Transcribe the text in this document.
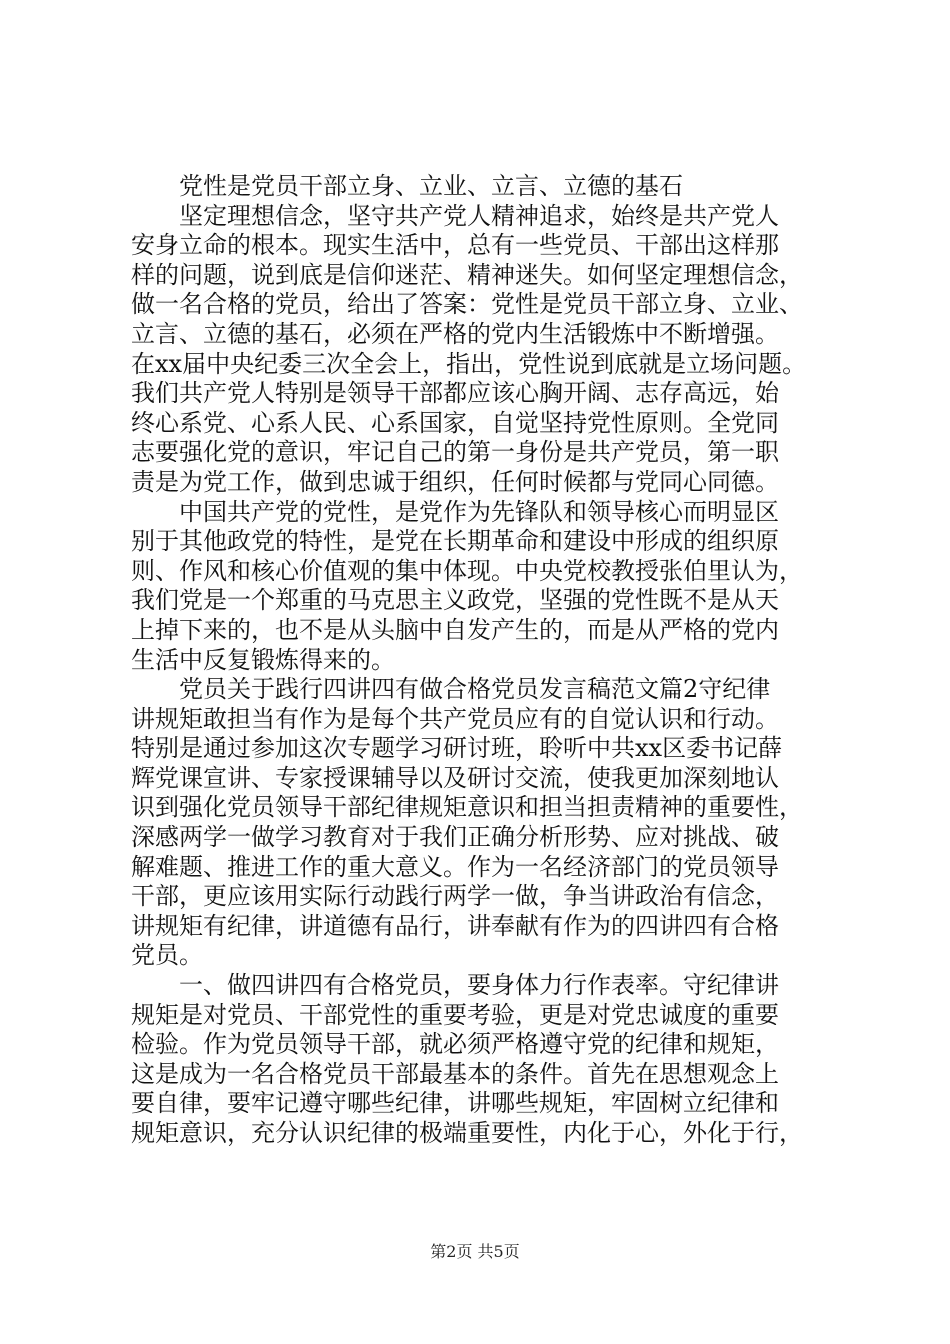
党性是党员干部立身、立业、立言、立德的基石
坚定理想信念，坚守共产党人精神追求，始终是共产党人
安身立命的根本。现实生活中，总有一些党员、干部出这样那
样的问题，说到底是信仰迷茫、精神迷失。如何坚定理想信念，
做一名合格的党员，给出了答案：党性是党员干部立身、立业、
立言、立德的基石，必须在严格的党内生活锻炼中不断增强。
在xx届中央纪委三次全会上，指出，党性说到底就是立场问题。
我们共产党人特别是领导干部都应该心胸开阔、志存高远，始
终心系党、心系人民、心系国家，自觉坚持党性原则。全党同
志要强化党的意识，牢记自己的第一身份是共产党员，第一职
责是为党工作，做到忠诚于组织，任何时候都与党同心同德。
中国共产党的党性，是党作为先锋队和领导核心而明显区
别于其他政党的特性，是党在长期革命和建设中形成的组织原
则、作风和核心价值观的集中体现。中央党校教授张伯里认为，
我们党是一个郑重的马克思主义政党，坚强的党性既不是从天
上掉下来的，也不是从头脑中自发产生的，而是从严格的党内
生活中反复锻炼得来的。
党员关于践行四讲四有做合格党员发言稿范文篇2守纪律
讲规矩敢担当有作为是每个共产党员应有的自觉认识和行动。
特别是通过参加这次专题学习研讨班，聆听中共xx区委书记薛
辉党课宣讲、专家授课辅导以及研讨交流，使我更加深刻地认
识到强化党员领导干部纪律规矩意识和担当担责精神的重要性，
深感两学一做学习教育对于我们正确分析形势、应对挑战、破
解难题、推进工作的重大意义。作为一名经济部门的党员领导
干部，更应该用实际行动践行两学一做，争当讲政治有信念，
讲规矩有纪律，讲道德有品行，讲奉献有作为的四讲四有合格
党员。
一、做四讲四有合格党员，要身体力行作表率。守纪律讲
规矩是对党员、干部党性的重要考验，更是对党忠诚度的重要
检验。作为党员领导干部，就必须严格遵守党的纪律和规矩，
这是成为一名合格党员干部最基本的条件。首先在思想观念上
要自律，要牢记遵守哪些纪律，讲哪些规矩，牢固树立纪律和
规矩意识，充分认识纪律的极端重要性，内化于心，外化于行，
第2页 共5页
